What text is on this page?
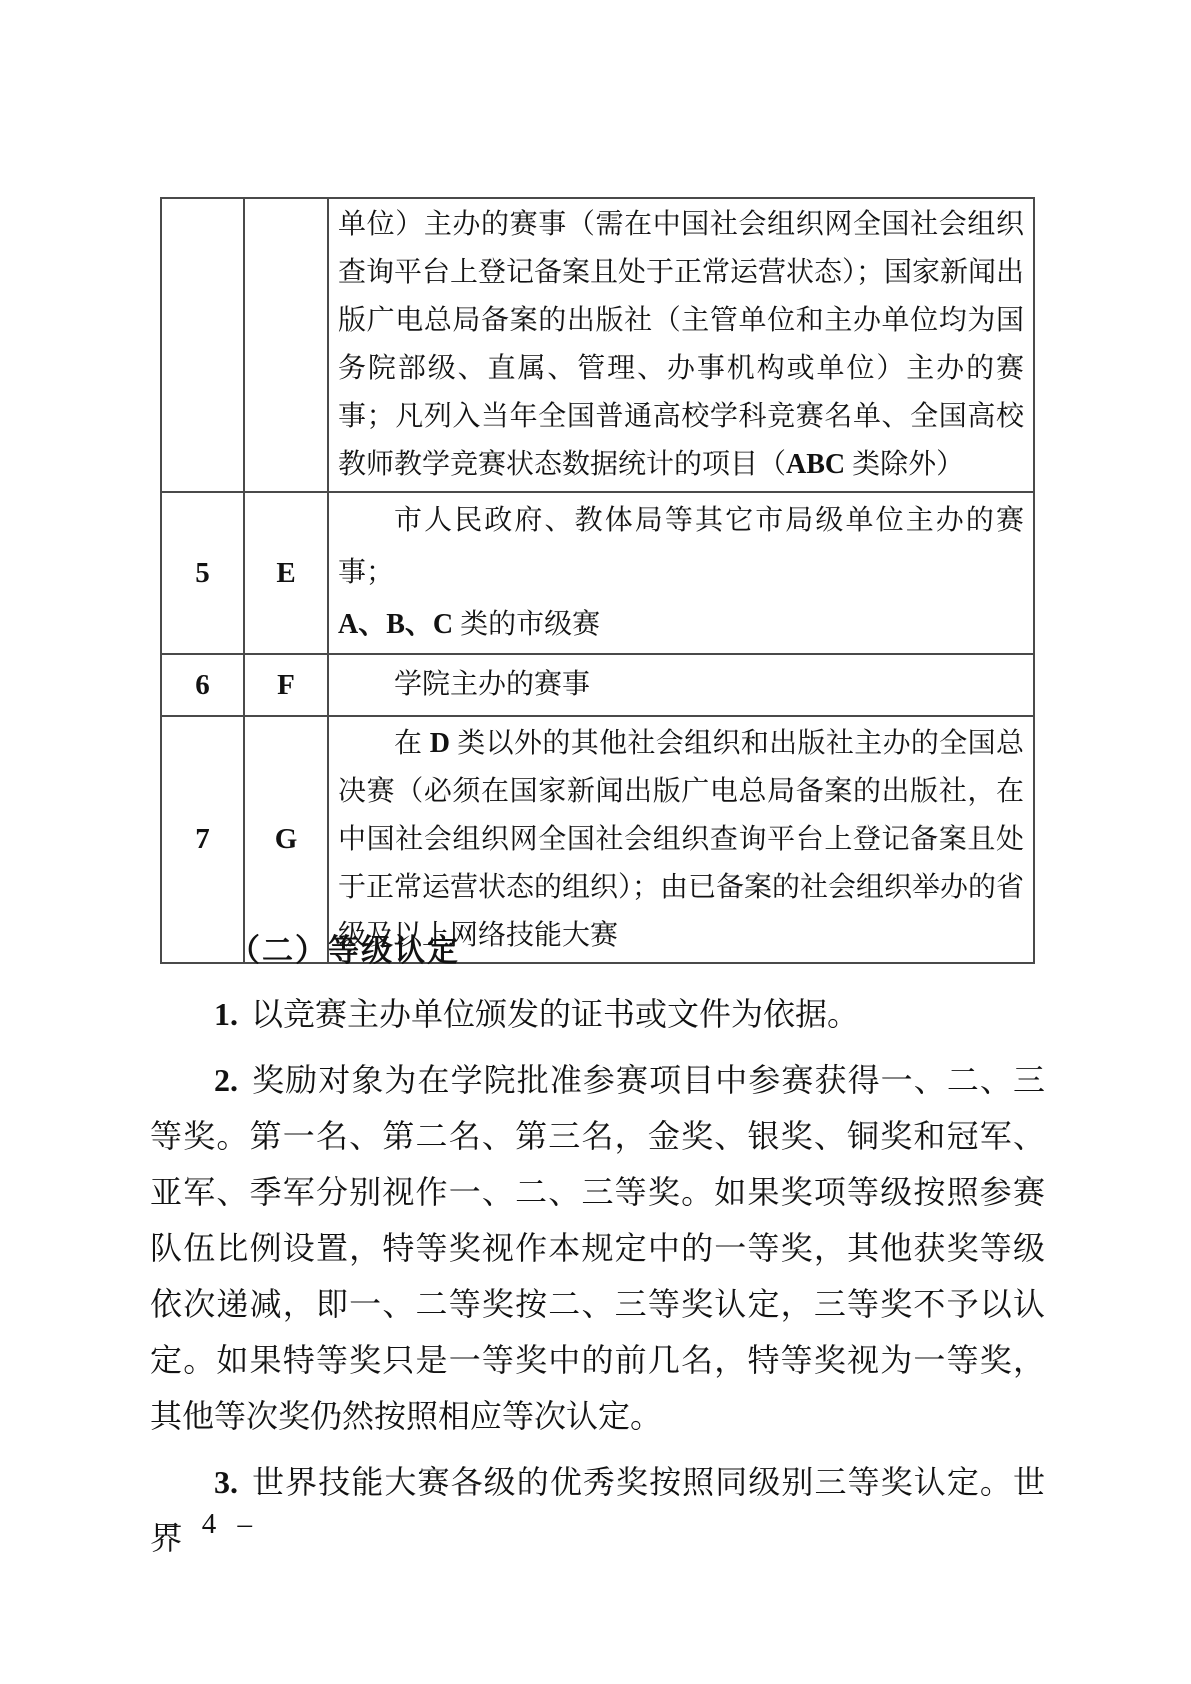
		单位）主办的赛事（需在中国社会组织网全国社会组织查询平台上登记备案且处于正常运营状态）；国家新闻出版广电总局备案的出版社（主管单位和主办单位均为国务院部级、直属、管理、办事机构或单位）主办的赛事；凡列入当年全国普通高校学科竞赛名单、全国高校教师教学竞赛状态数据统计的项目（ABC 类除外）

5	E	市人民政府、教体局等其它市局级单位主办的赛事；
A、B、C 类的市级赛

6	F	学院主办的赛事

7	G	在 D 类以外的其他社会组织和出版社主办的全国总决赛（必须在国家新闻出版广电总局备案的出版社，在中国社会组织网全国社会组织查询平台上登记备案且处于正常运营状态的组织）；由已备案的社会组织举办的省级及以上网络技能大赛
（二）等级认定

1. 以竞赛主办单位颁发的证书或文件为依据。

2. 奖励对象为在学院批准参赛项目中参赛获得一、二、三等奖。第一名、第二名、第三名，金奖、银奖、铜奖和冠军、亚军、季军分别视作一、二、三等奖。如果奖项等级按照参赛队伍比例设置，特等奖视作本规定中的一等奖，其他获奖等级依次递减，即一、二等奖按二、三等奖认定，三等奖不予以认定。如果特等奖只是一等奖中的前几名，特等奖视为一等奖，其他等次奖仍然按照相应等次认定。

3. 世界技能大赛各级的优秀奖按照同级别三等奖认定。世界

– 4 –
